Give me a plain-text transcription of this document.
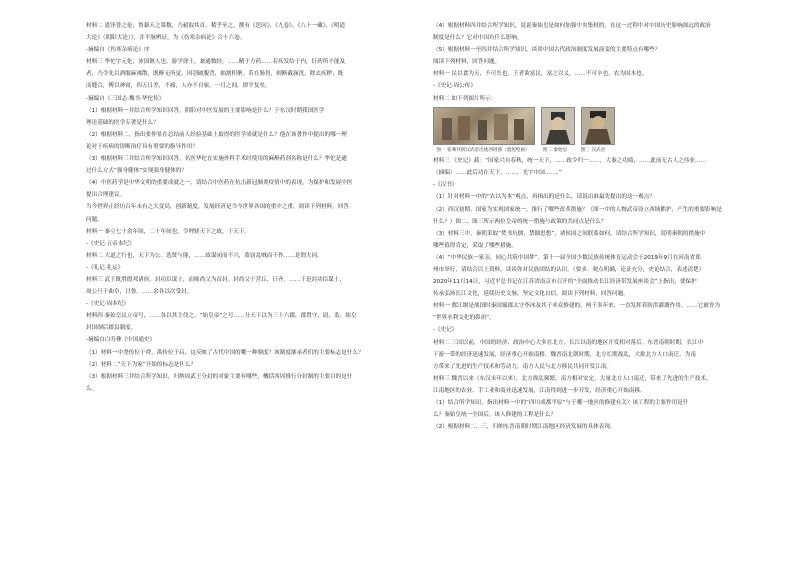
材料二 恩泽普之伦，鲁藉天之慕数，乃毅取其首，稽乎至之，撰有《思问》、《九卷》、《八十一藏》、《明道
大论》（阴阳大论）》，并平脉辨证，为《伤寒杂病论》合十六卷。
-摘编自《伤寒杂病论》序
材料三 华佗字元化，沛国谯人也。游学徐土，兼通数经。……精于方药……若疾发结于内，针药所不能及
者，乃令先以酒服麻沸散，既醉无所觉，因刳破腹背，抽割积聚。若在肠胃，则断截湔洗，除去疾秽；既
而缝合，傅以神膏，四五日差，不痛，人亦不自寤，一月之间，即平复矣。
-摘编自《三国志·魏书·华佗传》
（1）根据材料一并结合所学知识回答，阴阳对中医发展的主要影响是什么？于东汉时期我国医学
理论基础的医学专著是什么？
（2）根据材料二，指出张仲景在总结前人经验基础上取得的医学成就是什么？他在该著作中提出的哪一理
论对于疾病的诊断治疗具有重要的指导作用？
（3）根据材料三并结合所学知识回答，名医华佗在实施外科手术时使用的麻醉药剂名称是什么？华佗是通
过什么方式“强身健体”实现强身健体的？
（4）中医药学是中华文明的重要成就之一，请结合中医药在抗击新冠肺炎疫情中的表现，为保护和发展中医
提出合理建议。
当今世界正经历百年未有之大变局，创新制度，发展经济是当今世界各国的重中之重。阅读下列材料，回答
问题。
材料一 秦立七十余年间，二十年间也，令理辖天下之政，于天下。
-《史记·五帝本纪》
材料二 大道之行也，天下为公。选贤与能，……故谋闭而不兴，盗窃乱贼而不作……是谓大同。
-《礼记·礼运》
材料三 武王既胜殷邦诸侯，封功臣谋士，而师尚父为首封。封尚父于营丘，曰齐。……于是封功臣谋士，
周公旦于曲阜，曰鲁。……余各以次受封。
-《史记·周本纪》
材料四 秦始皇议立帝号，……各以其主伐之，“始皇帝”之号……分天下以为三十六郡，郡置守、尉、监。始皇
封国制后郡县制度。
-摘编自白寿彝《中国通史》
（1）材料一中尧传位于舜，禹传位于启，这反映了古代中国的哪一种制度？该制度继承者们的主要标志是什么？
（2）材料二“天下为家”开始的标志是什么？
（3）根据材料三并结合所学知识，归纳周武王分封的对象主要有哪些，概括西周推行分封制的主要目的是什
么。
（4）根据材料四并结合所学知识，说说秦始皇是如何加强中央集权的，在这一过程中对中国历史影响深远的政治
制度是什么？它对中国有什么影响。
（5）根据材料一至四并结合所学知识，谈谈中国古代政治制度发展演变的主要特点有哪些？
阅读下列材料，回答问题。
材料一 民以食为天，不可失也。王者欲富民，富之以义，……不可卒也，农为国本也。
-《史记·周公传》
材料二 如下列图片所示：
图一 张骞拜别汉武帝出使西域图（敦煌壁画）	图二 秦始皇	图三 汉武帝
材料三 《史记》载：“国家兴自春秋，统一天下，……政令归一……，大秦之功绩，……此前无古人之伟业……
（摘编）……此后功在天下，……，光宇中国……。”
-《汉书》
（1）针对材料一中的“农以为本”观点，再指出的是什么，请说出谁最先提出的这一观点？
（2）西汉初期，国家为实现国家统一，推行了哪些改革措施？（图一中的人物武帝设立西域都护，产生的重要影响是
什么？）图二、图三所示两位皇帝的统一措施与政策的共同点是什么？
（3）材料三中，秦朝采取“焚书坑儒，禁锢思想”，诸侯国之间联系如何，请结合所学知识，说明秦朝的措施中
哪些值得肯定，采取了哪些措施。
（4）“中华民族一家亲，同心共筑中国梦”。第十一届全国少数民族传统体育运动会于2019年9月在河南省郑
州市举行，请结合以上资料，谈谈你对民族团结的认识。（要求：观点明确，论证充分，史论结合，表述清楚）
2020年11月14日，习近平总书记在江苏省南京市召开的“全面推动长江经济带发展座谈会”上指出，要保护
传承弘扬长江文化，延续历史文脉，坚定文化自信。阅读下列材料，回答问题。
材料一 都江堰是战国时秦国蜀郡太守李冰及其子率众修建的，两千多年来，一直发挥着防洪灌溉作用。……它被誉为
“世界水利文化的鼻祖”。
-《史记》
材料二 三国以前，中国的经济、政治中心大多在北方，长江以南的地区开发相对落后。东晋南朝时期，长江中
下游一带的经济迅速发展，经济重心开始南移。魏晋南北朝时期，北方长期战乱，大批北方人口南迁，为南
方带来了先进的生产技术和劳动力，南方人民与北方移民共同开发江南。
材料三 魏晋以来（东汉末年以来），北方战乱频繁，南方相对安定，大量北方人口南迁，带来了先进的生产技术，
江南地区的农业、手工业和商业迅速发展，江南得到进一步开发，经济重心开始南移。
（1）结合所学知识，指出材料一中的“四川成都平原”与于哪一地区的修建有关？该工程的主要作用是什
么？秦始皇统一全国后，该人修建的工程是什么？
（2）根据材料二、三，归纳东晋南朝时期江南地区经济发展的具体表现。
